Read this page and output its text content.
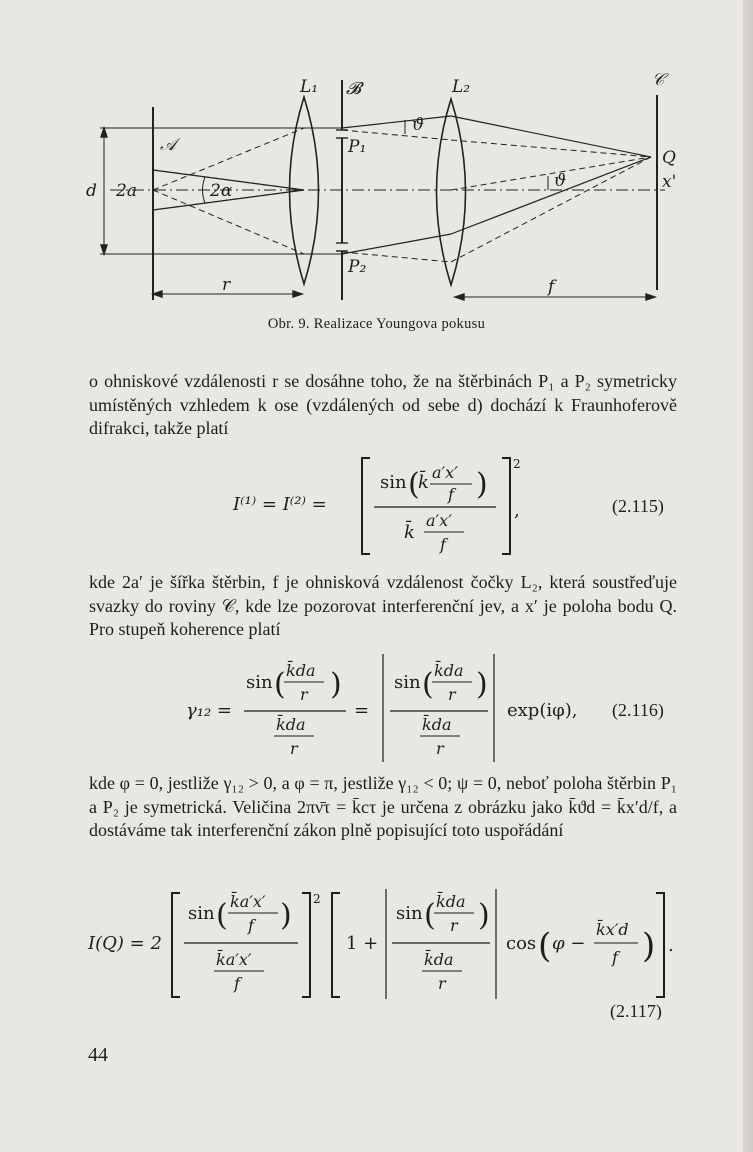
L₁ 𝓑	L₂	𝒞
𝒜	P₁
P₂
Q
x'
d 2a	2α
ϑ
ϑ
r	f
Obr. 9. Realizace Youngova pokusu

o ohniskové vzdálenosti r se dosáhne toho, že na štěrbinách P₁ a P₂ symetricky umístěných vzhledem k ose (vzdálených od sebe d) dochází k Fraunhoferově difrakci, takže platí

I⁽¹⁾ = I⁽²⁾ =
2
,
sin (
k̄ a′x′
f )
k̄
a′x′
f
(2.115)

kde 2a′ je šířka štěrbin, f je ohnisková vzdálenost čočky L₂, která soustřeďuje svazky do roviny 𝒞, kde lze pozorovat interferenční jev, a x′ je poloha bodu Q. Pro stupeň koherence platí

γ₁₂ =
sin ( k̄da
r )
k̄da
r
=
sin ( k̄da
r )
k̄da
r
exp(iφ), (2.116)

kde φ = 0, jestliže γ₁₂ > 0, a φ = π, jestliže γ₁₂ < 0; ψ = 0, neboť poloha štěrbin P₁ a P₂ je symetrická. Veličina 2πν̄τ = k̄cτ je určena z obrázku jako k̄ϑd = k̄x′d/f, a dostáváme tak interferenční zákon plně popisující toto uspořádání

I(Q) = 2
2
sin ( k̄a′x′
f )
k̄a′x′
f
.
1 +
sin ( k̄da
r )
k̄da
r
cos ( φ −
k̄x′d
f )
(2.117)
44
